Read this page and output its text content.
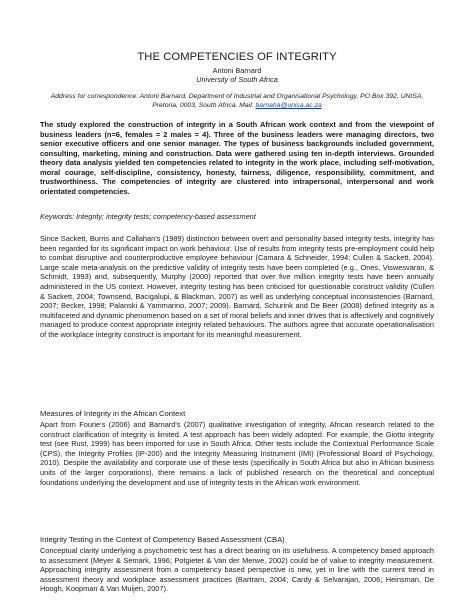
THE COMPETENCIES OF INTEGRITY
Antoni Barnard
University of South Africa
Address for correspondence: Antoni Barnard, Department of Industrial and Organisational Psychology, PO Box 392, UNISA, Pretoria, 0003, South Africa. Mail: barnaha@unisa.ac.za
The study explored the construction of integrity in a South African work context and from the viewpoint of business leaders (n=6, females = 2 males = 4). Three of the business leaders were managing directors, two senior executive officers and one senior manager. The types of business backgrounds included government, consulting, marketing, mining and construction. Data were gathered using ten in-depth interviews. Grounded theory data analysis yielded ten competencies related to integrity in the work place, including self-motivation, moral courage, self-discipline, consistency, honesty, fairness, diligence, responsibility, commitment, and trustworthiness. The competencies of integrity are clustered into intrapersonal, interpersonal and work orientated competencies.
Keywords: Integrity; integrity tests; competency-based assessment
Since Sackett, Burris and Callahan's (1989) distinction between overt and personality based integrity tests, integrity has been regarded for its significant impact on work behaviour. Use of results from integrity tests pre-employment could help to combat disruptive and counterproductive employee behaviour (Camara & Schneider, 1994; Cullen & Sackett, 2004). Large scale meta-analysis on the predictive validity of integrity tests have been completed (e.g., Ones, Viswesvaran, & Schmidt, 1993) and, subsequently, Murphy (2000) reported that over five million integrity tests have been annually administered in the US context. However, integrity testing has been criticised for questionable construct validity (Cullen & Sackett, 2004; Townsend, Bacigalupi, & Blackman, 2007) as well as underlying conceptual inconsistencies (Barnard, 2007; Becker, 1998; Palanski & Yammarino, 2007; 2009). Barnard, Schurink and De Beer (2008) defined integrity as a multifaceted and dynamic phenomenon based on a set of moral beliefs and inner drives that is affectively and cognitively managed to produce context appropriate integrity related behaviours. The authors agree that accurate operationalisation of the workplace integrity construct is important for its meaningful measurement.
Measures of Integrity in the African Context
Apart from Fourie's (2006) and Barnard's (2007) qualitative investigation of integrity, African research related to the construct clarification of integrity is limited. A test approach has been widely adopted. For example, the Giotto integrity test (see Rust, 1999) has been imported for use in South Africa. Other tests include the Contextual Performance Scale (CPS), the Integrity Profiles (IP-200) and the Integrity Measuring Instrument (IMI) (Professional Board of Psychology, 2010). Despite the availability and corporate use of these tests (specifically in South Africa but also in African business units of the larger corporations), there remains a lack of published research on the theoretical and conceptual foundations underlying the development and use of integrity tests in the African work environment.
Integrity Testing in the Context of Competency Based Assessment (CBA)
Conceptual clarity underlying a psychometric test has a direct bearing on its usefulness. A competency based approach to assessment (Meyer & Semark, 1996; Potgieter & Van der Merwe, 2002) could be of value to integrity measurement. Approaching integrity assessment from a competency based perspective is new, yet in line with the current trend in assessment theory and workplace assessment practices (Bartram, 2004; Cardy & Selvarajan, 2006; Heinsman, De Hoogh, Koopman & Van Muijen, 2007).
